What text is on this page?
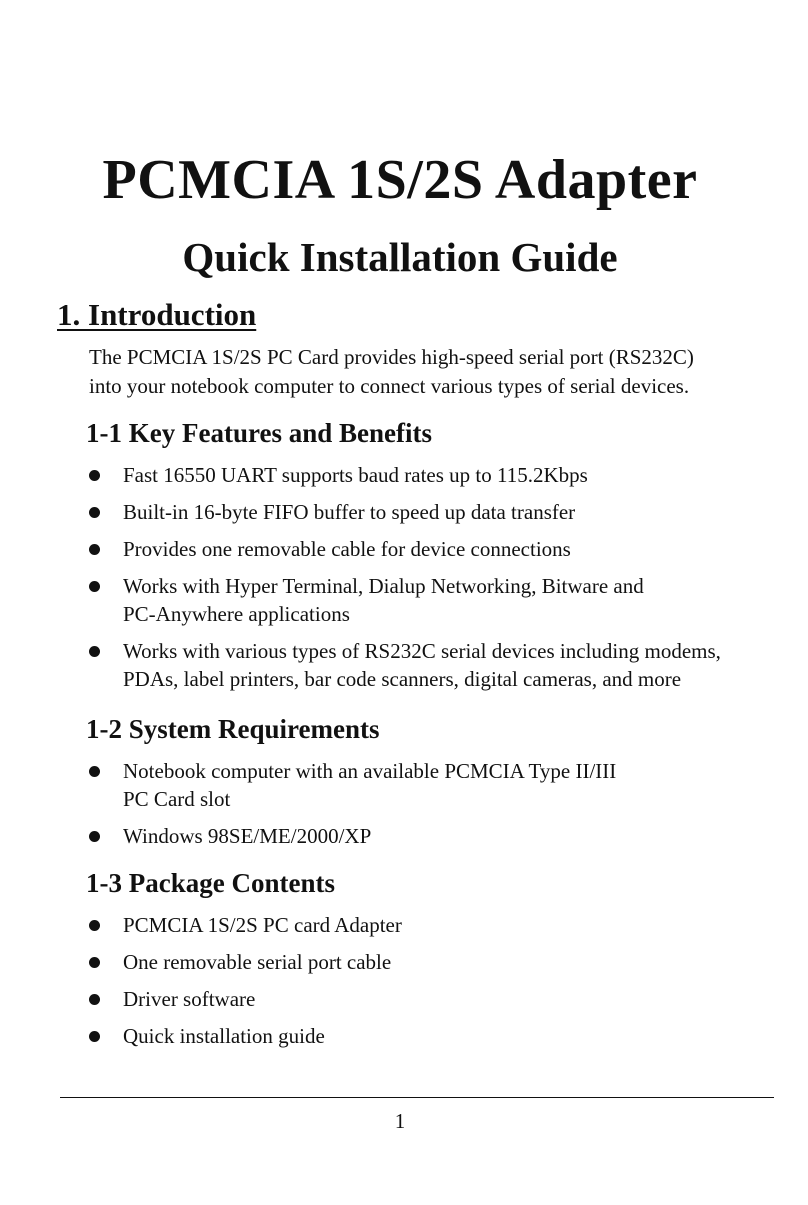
PCMCIA 1S/2S Adapter
Quick Installation Guide
1. Introduction

The PCMCIA 1S/2S PC Card provides high-speed serial port (RS232C)

into your notebook computer to connect various types of serial devices.

1-1 Key Features and Benefits
Fast 16550 UART supports baud rates up to 115.2Kbps
Built-in 16-byte FIFO buffer to speed up data transfer
Provides one removable cable for device connections
Works with Hyper Terminal, Dialup Networking, Bitware and
PC-Anywhere applications
Works with various types of RS232C serial devices including modems,
PDAs, label printers, bar code scanners, digital cameras, and more
1-2 System Requirements
Notebook computer with an available PCMCIA Type II/III
PC Card slot
Windows 98SE/ME/2000/XP
1-3 Package Contents
PCMCIA 1S/2S PC card Adapter
One removable serial port cable
Driver software
Quick installation guide
1
